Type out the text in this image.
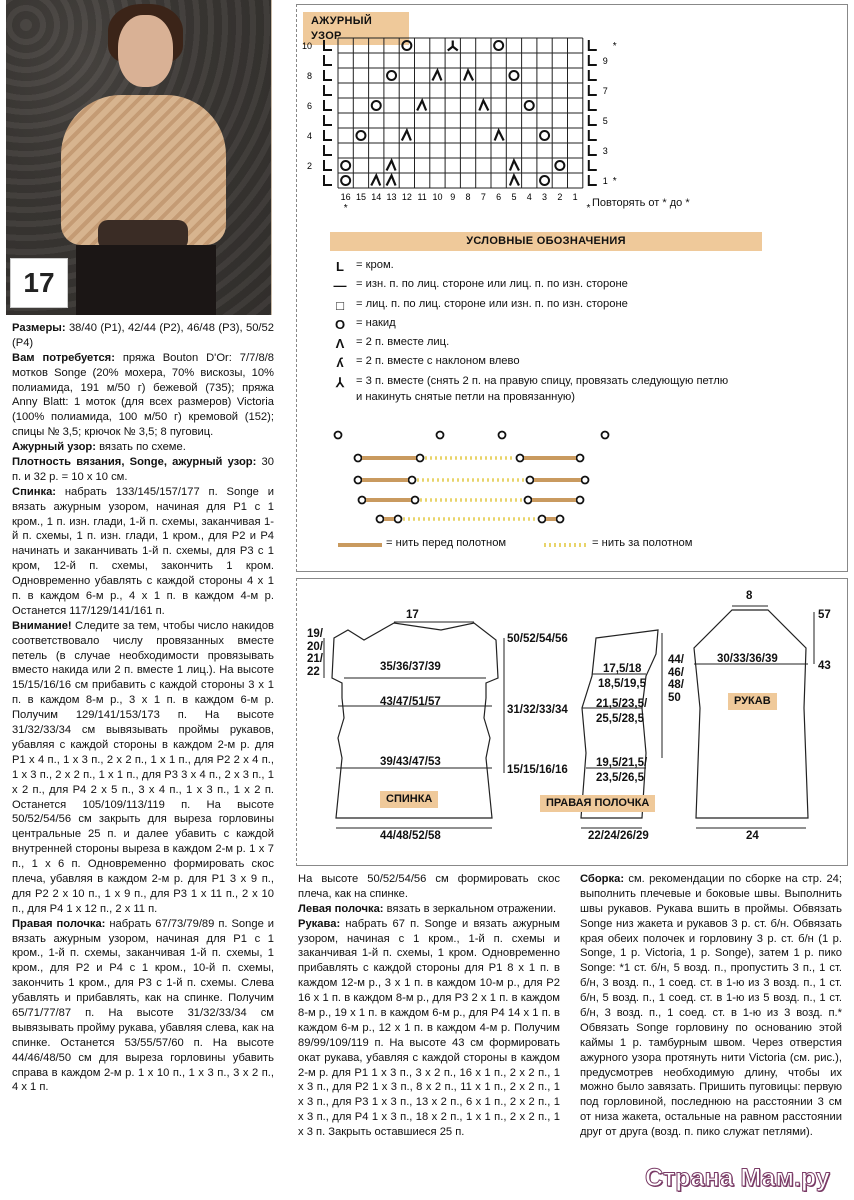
17

Размеры: 38/40 (Р1), 42/44 (Р2), 46/48 (Р3), 50/52 (Р4)

Вам потребуется: пряжа Bouton D'Or: 7/7/8/8 мотков Songe (20% мохера, 70% вискозы, 10% полиамида, 191 м/50 г) бежевой (735); пряжа Anny Blatt: 1 моток (для всех размеров) Victoria (100% полиамида, 100 м/50 г) кремовой (152); спицы № 3,5; крючок № 3,5; 8 пуговиц.

Ажурный узор: вязать по схеме.

Плотность вязания, Songe, ажурный узор: 30 п. и 32 р. = 10 х 10 см.

Спинка: набрать 133/145/157/177 п. Songe и вязать ажурным узором, начиная для Р1 с 1 кром., 1 п. изн. глади, 1-й п. схемы, заканчивая 1-й п. схемы, 1 п. изн. глади, 1 кром., для Р2 и Р4 начинать и заканчивать 1-й п. схемы, для Р3 с 1 кром, 12-й п. схемы, закончить 1 кром. Одновременно убавлять с каждой стороны 4 х 1 п. в каждом 6-м р., 4 х 1 п. в каждом 4-м р. Останется 117/129/141/161 п.

Внимание! Следите за тем, чтобы число накидов соответствовало числу провязанных вместе петель (в случае необходимости провязывать вместо накида или 2 п. вместе 1 лиц.). На высоте 15/15/16/16 см прибавить с каждой стороны 3 х 1 п. в каждом 8-м р., 3 х 1 п. в каждом 6-м р. Получим 129/141/153/173 п. На высоте 31/32/33/34 см вывязывать проймы рукавов, убавляя с каждой стороны в каждом 2-м р. для Р1 х 4 п., 1 х 3 п., 2 х 2 п., 1 х 1 п., для Р2 2 х 4 п., 1 х 3 п., 2 х 2 п., 1 х 1 п., для Р3 3 х 4 п., 2 х 3 п., 1 х 2 п., для Р4 2 х 5 п., 3 х 4 п., 1 х 3 п., 1 х 2 п. Останется 105/109/113/119 п. На высоте 50/52/54/56 см закрыть для выреза горловины центральные 25 п. и далее убавить с каждой внутренней стороны выреза в каждом 2-м р. 1 х 7 п., 1 х 6 п. Одновременно формировать скос плеча, убавляя в каждом 2-м р. для Р1 3 х 9 п., для Р2 2 х 10 п., 1 х 9 п., для Р3 1 х 11 п., 2 х 10 п., для Р4 1 х 12 п., 2 х 11 п.

Правая полочка: набрать 67/73/79/89 п. Songe и вязать ажурным узором, начиная для Р1 с 1 кром., 1-й п. схемы, заканчивая 1-й п. схемы, 1 кром., для Р2 и Р4 с 1 кром., 10-й п. схемы, закончить 1 кром., для Р3 с 1-й п. схемы. Слева убавлять и прибавлять, как на спинке. Получим 65/71/77/87 п. На высоте 31/32/33/34 см вывязывать пройму рукава, убавляя слева, как на спинке. Останется 53/55/57/60 п. На высоте 44/46/48/50 см для выреза горловины убавить справа в каждом 2-м р. 1 х 10 п., 1 х 3 п., 3 х 2 п., 4 х 1 п.

На высоте 50/52/54/56 см формировать скос плеча, как на спинке.

Левая полочка: вязать в зеркальном отражении.

Рукава: набрать 67 п. Songe и вязать ажурным узором, начиная с 1 кром., 1-й п. схемы и заканчивая 1-й п. схемы, 1 кром. Одновременно прибавлять с каждой стороны для Р1 8 х 1 п. в каждом 12-м р., 3 х 1 п. в каждом 10-м р., для Р2 16 х 1 п. в каждом 8-м р., для Р3 2 х 1 п. в каждом 8-м р., 19 х 1 п. в каждом 6-м р., для Р4 14 х 1 п. в каждом 6-м р., 12 х 1 п. в каждом 4-м р. Получим 89/99/109/119 п. На высоте 43 см формировать окат рукава, убавляя с каждой стороны в каждом 2-м р. для Р1 1 х 3 п., 3 х 2 п., 16 х 1 п., 2 х 2 п., 1 х 3 п., для Р2 1 х 3 п., 8 х 2 п., 11 х 1 п., 2 х 2 п., 1 х 3 п., для Р3 1 х 3 п., 13 х 2 п., 6 х 1 п., 2 х 2 п., 1 х 3 п., для Р4 1 х 3 п., 18 х 2 п., 1 х 1 п., 2 х 2 п., 1 х 3 п. Закрыть оставшиеся 25 п.

Сборка: см. рекомендации по сборке на стр. 24; выполнить плечевые и боковые швы. Выполнить швы рукавов. Рукава вшить в проймы. Обвязать Songe низ жакета и рукавов 3 р. ст. б/н. Обвязать края обеих полочек и горловину 3 р. ст. б/н (1 р. Songe, 1 р. Victoria, 1 р. Songe), затем 1 р. пико Songe: *1 ст. б/н, 5 возд. п., пропустить 3 п., 1 ст. б/н, 3 возд. п., 1 соед. ст. в 1-ю из 3 возд. п., 1 ст. б/н, 5 возд. п., 1 соед. ст. в 1-ю из 5 возд. п., 1 ст. б/н, 3 возд. п., 1 соед. ст. в 1-ю из 3 возд. п.* Обвязать Songe горловину по основанию этой каймы 1 р. тамбурным швом. Через отверстия ажурного узора протянуть нити Victoria (см. рис.), предусмотрев необходимую длину, чтобы их можно было завязать. Пришить пуговицы: первую под горловиной, последнюю на расстоянии 3 см от низа жакета, остальные на равном расстоянии друг от друга (возд. п. пико служат петлями).

АЖУРНЫЙ УЗОР
10
8
6
4
2
9
7
5
3
1
*
*
16 15 14 13 12 11 10 9 8 7 6 5 4 3 2 1
*	* Повторять от * до *
УСЛОВНЫЕ ОБОЗНАЧЕНИЯ
L	= кром.
— = изн. п. по лиц. стороне или лиц. п. по изн. стороне
□	= лиц. п. по лиц. стороне или изн. п. по изн. стороне
O = накид
Λ	= 2 п. вместе лиц.
ʎ	= 2 п. вместе с наклоном влево
⅄	= 3 п. вместе (снять 2 п. на правую спицу, провязать следующую петлю
и накинуть снятые петли на провязанную)
= нить перед полотном	= нить за полотном
17
19/
20/
21/
22
50/52/54/56
35/36/37/39
43/47/51/57
31/32/33/34
39/43/47/53
15/15/16/16
СПИНКА
44/48/52/58
17,5/18
18,5/19,5
21,5/23,5/
25,5/28,5
19,5/21,5/
23,5/26,5
44/
46/
48/
50
ПРАВАЯ ПОЛОЧКА
22/24/26/29
8
30/33/36/39
57
43
РУКАВ
24
Страна Мам.ру
